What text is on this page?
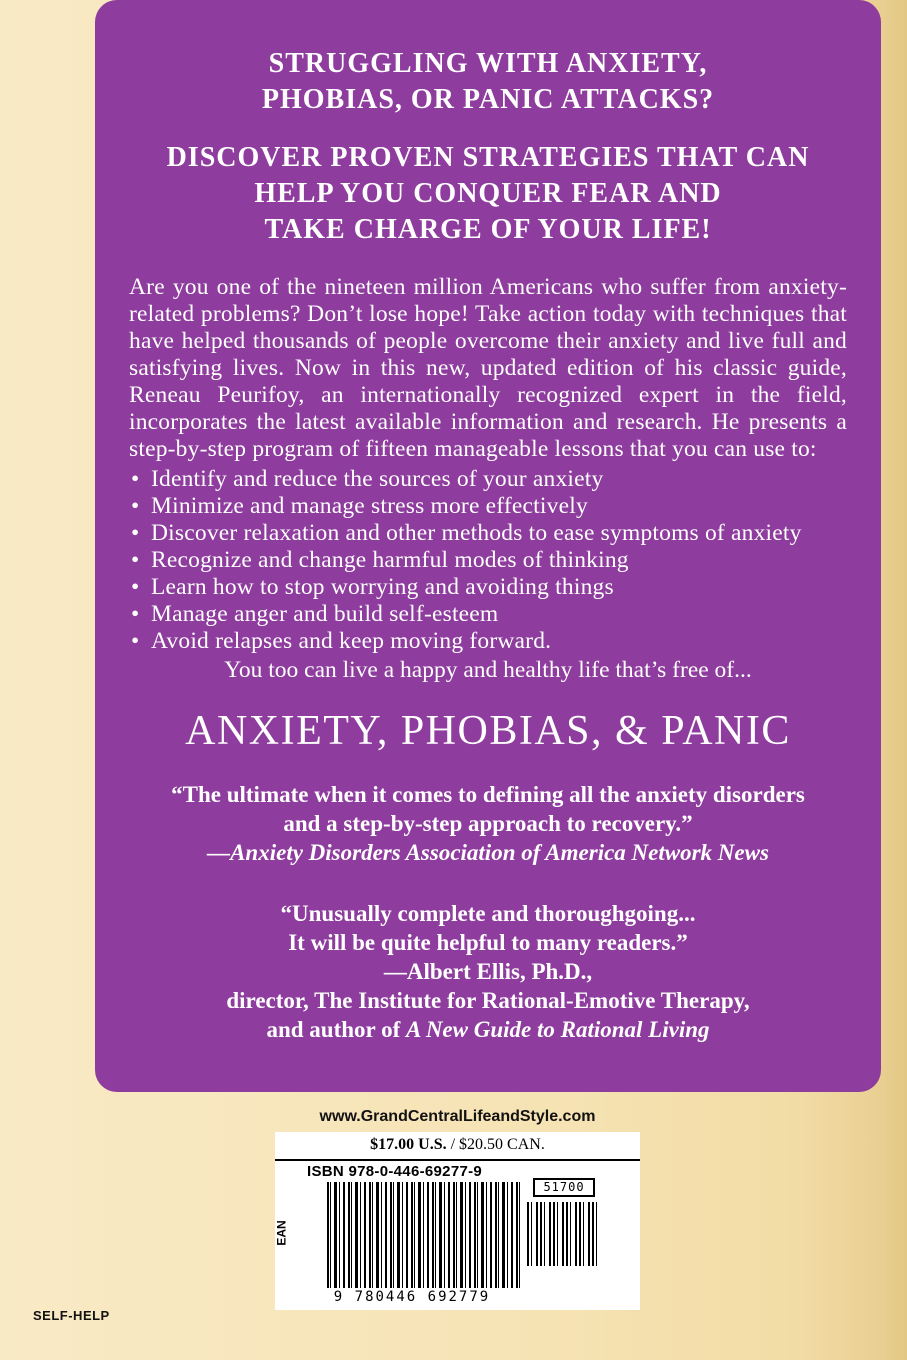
STRUGGLING WITH ANXIETY,
PHOBIAS, OR PANIC ATTACKS?
DISCOVER PROVEN STRATEGIES THAT CAN
HELP YOU CONQUER FEAR AND
TAKE CHARGE OF YOUR LIFE!
Are you one of the nineteen million Americans who suffer from anxiety-related problems? Don’t lose hope! Take action today with techniques that have helped thousands of people overcome their anxiety and live full and satisfying lives. Now in this new, updated edition of his classic guide, Reneau Peurifoy, an internationally recognized expert in the field, incorporates the latest available information and research. He presents a step-by-step program of fifteen manageable lessons that you can use to:
• Identify and reduce the sources of your anxiety
• Minimize and manage stress more effectively
• Discover relaxation and other methods to ease symptoms of anxiety
• Recognize and change harmful modes of thinking
• Learn how to stop worrying and avoiding things
• Manage anger and build self-esteem
• Avoid relapses and keep moving forward.
You too can live a happy and healthy life that’s free of...
ANXIETY, PHOBIAS, & PANIC
“The ultimate when it comes to defining all the anxiety disorders
and a step-by-step approach to recovery.”
—Anxiety Disorders Association of America Network News
“Unusually complete and thoroughgoing...
It will be quite helpful to many readers.”
—Albert Ellis, Ph.D.,
director, The Institute for Rational-Emotive Therapy,
and author of A New Guide to Rational Living
www.GrandCentralLifeandStyle.com
$17.00 U.S. / $20.50 CAN.
ISBN 978-0-446-69277-9
EAN
51700
9 780446 692779
SELF-HELP
